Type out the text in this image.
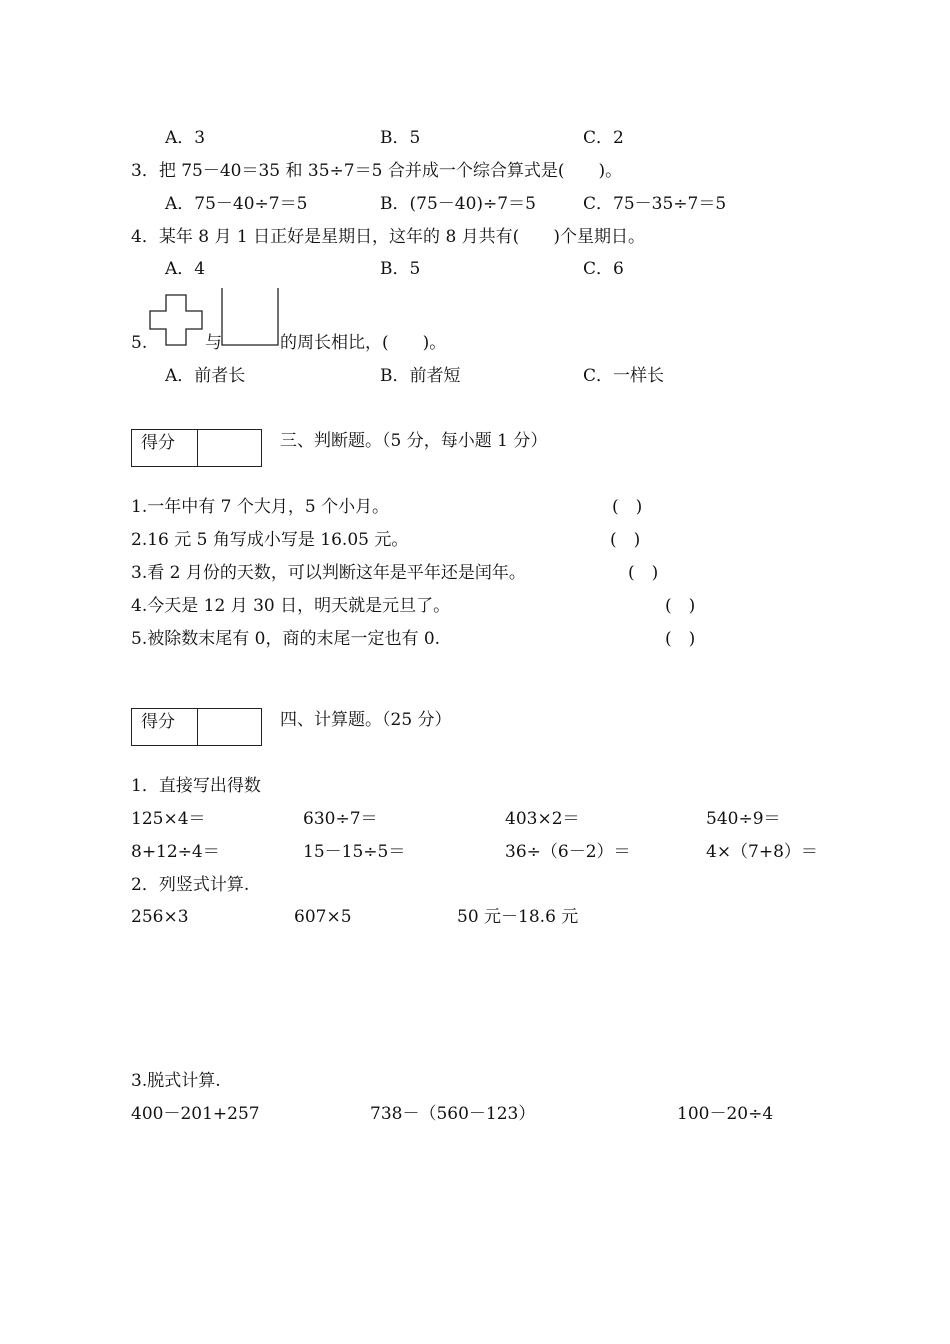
A．3	B．5	C．2
3．把 75－40＝35 和 35÷7＝5 合并成一个综合算式是(　　)。
A．75－40÷7＝5	B．(75－40)÷7＝5	C．75－35÷7＝5
4．某年 8 月 1 日正好是星期日，这年的 8 月共有(　　)个星期日。
A．4	B．5	C．6
5.	与	的周长相比，(　　)。
A．前者长	B．前者短	C．一样长
得分	三、判断题。（5 分，每小题 1 分）
1.一年中有 7 个大月，5 个小月。	(　)
2.16 元 5 角写成小写是 16.05 元。	(　)
3.看 2 月份的天数，可以判断这年是平年还是闰年。	(　)
4.今天是 12 月 30 日，明天就是元旦了。	(　)
5.被除数末尾有 0，商的末尾一定也有 0.	(　)
得分	四、计算题。（25 分）
1．直接写出得数
125×4＝	630÷7＝	403×2＝	540÷9＝
8+12÷4＝	15－15÷5＝	36÷（6－2）＝	4×（7+8）＝
2．列竖式计算.
256×3	607×5	50 元－18.6 元
3.脱式计算.
400－201+257	738－（560－123）	100－20÷4
